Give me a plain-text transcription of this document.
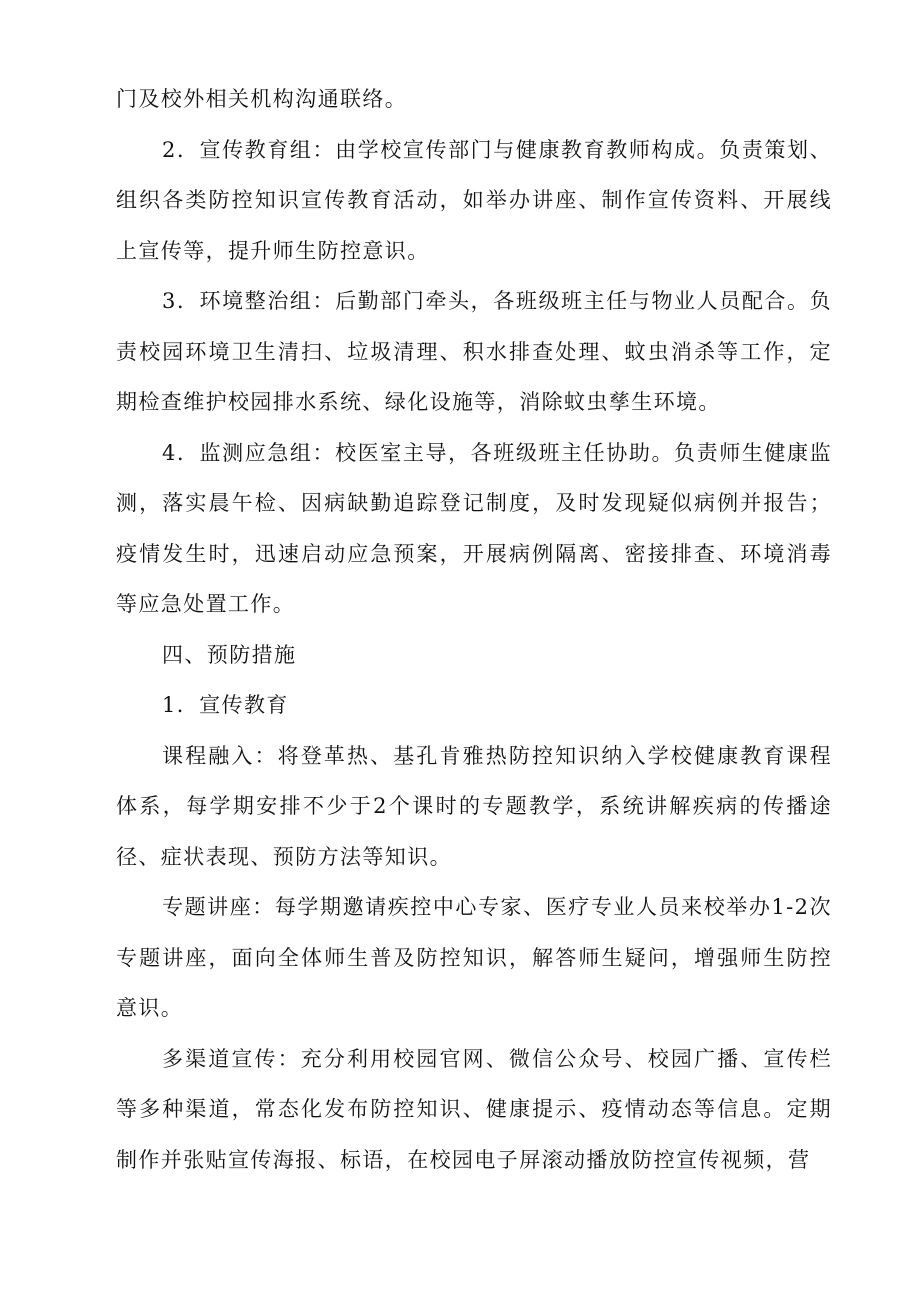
门及校外相关机构沟通联络。

2．宣传教育组：由学校宣传部门与健康教育教师构成。负责策划、组织各类防控知识宣传教育活动，如举办讲座、制作宣传资料、开展线上宣传等，提升师生防控意识。

3．环境整治组：后勤部门牵头，各班级班主任与物业人员配合。负责校园环境卫生清扫、垃圾清理、积水排查处理、蚊虫消杀等工作，定期检查维护校园排水系统、绿化设施等，消除蚊虫孳生环境。

4．监测应急组：校医室主导，各班级班主任协助。负责师生健康监测，落实晨午检、因病缺勤追踪登记制度，及时发现疑似病例并报告；疫情发生时，迅速启动应急预案，开展病例隔离、密接排查、环境消毒等应急处置工作。

四、预防措施

1．宣传教育

课程融入：将登革热、基孔肯雅热防控知识纳入学校健康教育课程体系，每学期安排不少于2个课时的专题教学，系统讲解疾病的传播途径、症状表现、预防方法等知识。

专题讲座：每学期邀请疾控中心专家、医疗专业人员来校举办1-2次专题讲座，面向全体师生普及防控知识，解答师生疑问，增强师生防控意识。

多渠道宣传：充分利用校园官网、微信公众号、校园广播、宣传栏等多种渠道，常态化发布防控知识、健康提示、疫情动态等信息。定期制作并张贴宣传海报、标语，在校园电子屏滚动播放防控宣传视频，营
